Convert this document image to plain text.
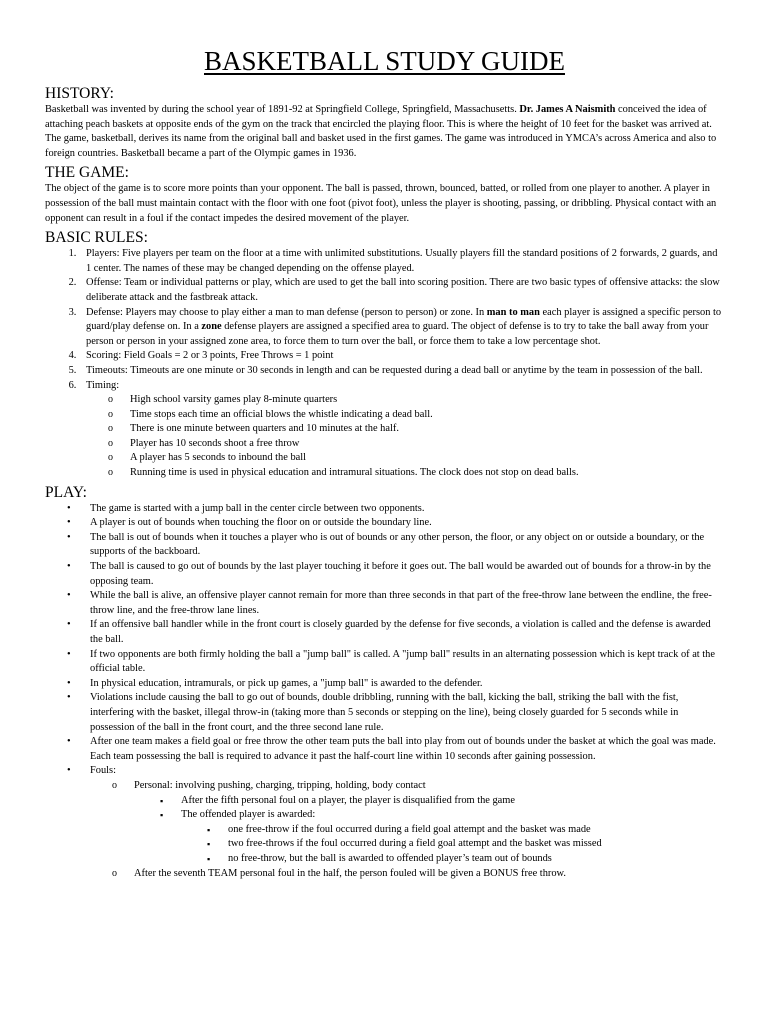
BASKETBALL STUDY GUIDE
HISTORY:

Basketball was invented by during the school year of 1891-92 at Springfield College, Springfield, Massachusetts. Dr. James A Naismith conceived the idea of attaching peach baskets at opposite ends of the gym on the track that encircled the playing floor. This is where the height of 10 feet for the basket was arrived at. The game, basketball, derives its name from the original ball and basket used in the first games. The game was introduced in YMCA’s across America and also to foreign countries. Basketball became a part of the Olympic games in 1936.

THE GAME:

The object of the game is to score more points than your opponent. The ball is passed, thrown, bounced, batted, or rolled from one player to another. A player in possession of the ball must maintain contact with the floor with one foot (pivot foot), unless the player is shooting, passing, or dribbling. Physical contact with an opponent can result in a foul if the contact impedes the desired movement of the player.

BASIC RULES:
1. Players: Five players per team on the floor at a time with unlimited substitutions. Usually players fill the standard positions of 2 forwards, 2 guards, and 1 center. The names of these may be changed depending on the offense played.
2. Offense: Team or individual patterns or play, which are used to get the ball into scoring position. There are two basic types of offensive attacks: the slow deliberate attack and the fastbreak attack.
3. Defense: Players may choose to play either a man to man defense (person to person) or zone. In man to man each player is assigned a specific person to guard/play defense on. In a zone defense players are assigned a specified area to guard. The object of defense is to try to take the ball away from your person or person in your assigned zone area, to force them to turn over the ball, or force them to take a low percentage shot.
4. Scoring: Field Goals = 2 or 3 points, Free Throws = 1 point
5. Timeouts: Timeouts are one minute or 30 seconds in length and can be requested during a dead ball or anytime by the team in possession of the ball.
6. Timing:
o High school varsity games play 8-minute quarters
o Time stops each time an official blows the whistle indicating a dead ball.
o There is one minute between quarters and 10 minutes at the half.
o Player has 10 seconds shoot a free throw
o A player has 5 seconds to inbound the ball
o Running time is used in physical education and intramural situations. The clock does not stop on dead balls.
PLAY:
• The game is started with a jump ball in the center circle between two opponents.
• A player is out of bounds when touching the floor on or outside the boundary line.
• The ball is out of bounds when it touches a player who is out of bounds or any other person, the floor, or any object on or outside a boundary, or the supports of the backboard.
• The ball is caused to go out of bounds by the last player touching it before it goes out. The ball would be awarded out of bounds for a throw-in by the opposing team.
• While the ball is alive, an offensive player cannot remain for more than three seconds in that part of the free-throw lane between the endline, the free-throw line, and the free-throw lane lines.
• If an offensive ball handler while in the front court is closely guarded by the defense for five seconds, a violation is called and the defense is awarded the ball.
• If two opponents are both firmly holding the ball a "jump ball" is called. A "jump ball" results in an alternating possession which is kept track of at the official table.
• In physical education, intramurals, or pick up games, a "jump ball" is awarded to the defender.
• Violations include causing the ball to go out of bounds, double dribbling, running with the ball, kicking the ball, striking the ball with the fist, interfering with the basket, illegal throw-in (taking more than 5 seconds or stepping on the line), being closely guarded for 5 seconds while in possession of the ball in the front court, and the three second lane rule.
• After one team makes a field goal or free throw the other team puts the ball into play from out of bounds under the basket at which the goal was made. Each team possessing the ball is required to advance it past the half-court line within 10 seconds after gaining possession.
• Fouls:
o Personal: involving pushing, charging, tripping, holding, body contact
▪ After the fifth personal foul on a player, the player is disqualified from the game
▪ The offended player is awarded:
▪ one free-throw if the foul occurred during a field goal attempt and the basket was made
▪ two free-throws if the foul occurred during a field goal attempt and the basket was missed
▪ no free-throw, but the ball is awarded to offended player’s team out of bounds
o After the seventh TEAM personal foul in the half, the person fouled will be given a BONUS free throw.
